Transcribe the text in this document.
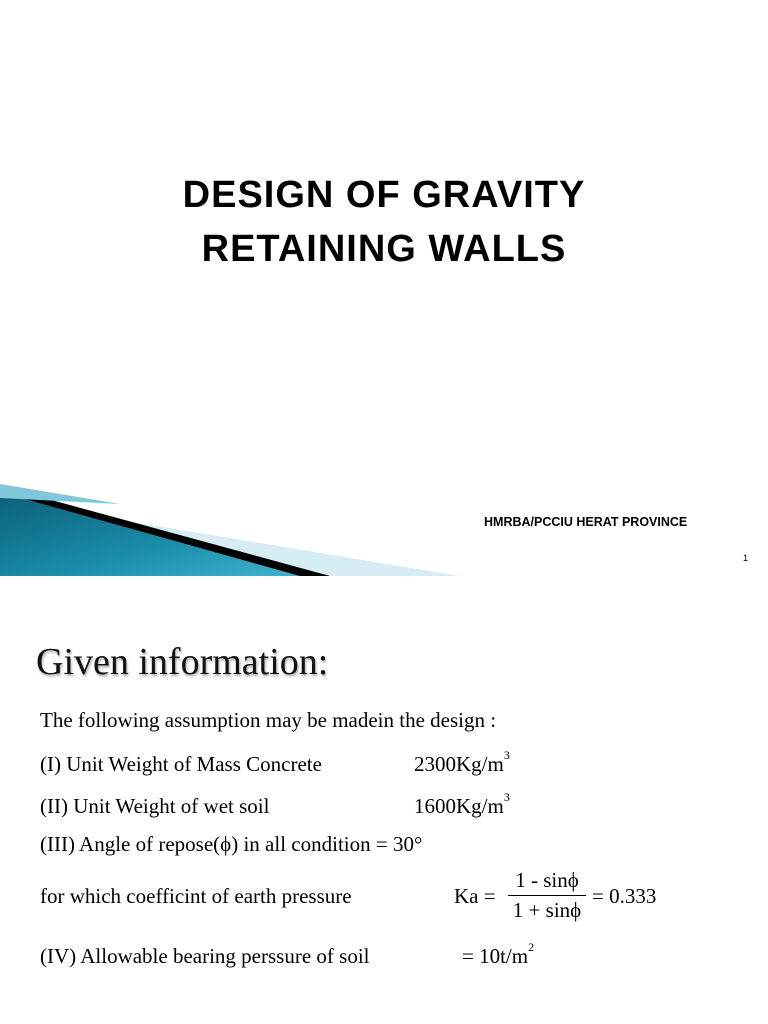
DESIGN OF GRAVITY
RETAINING WALLS
HMRBA/PCCIU HERAT PROVINCE
1
Given information:
The following assumption may be madein the design :
(I) Unit Weight of Mass Concrete	$2300Kg/m^3$
(II) Unit Weight of wet soil	$1600Kg/m^3$
(III) Angle of repose(ϕ) in all condition = 30°
for which coefficint of earth pressure	$Ka = \frac{1 - \sin\phi}{1 + \sin\phi} = 0.333$
(IV) Allowable bearing perssure of soil	= $10t/m^2$
